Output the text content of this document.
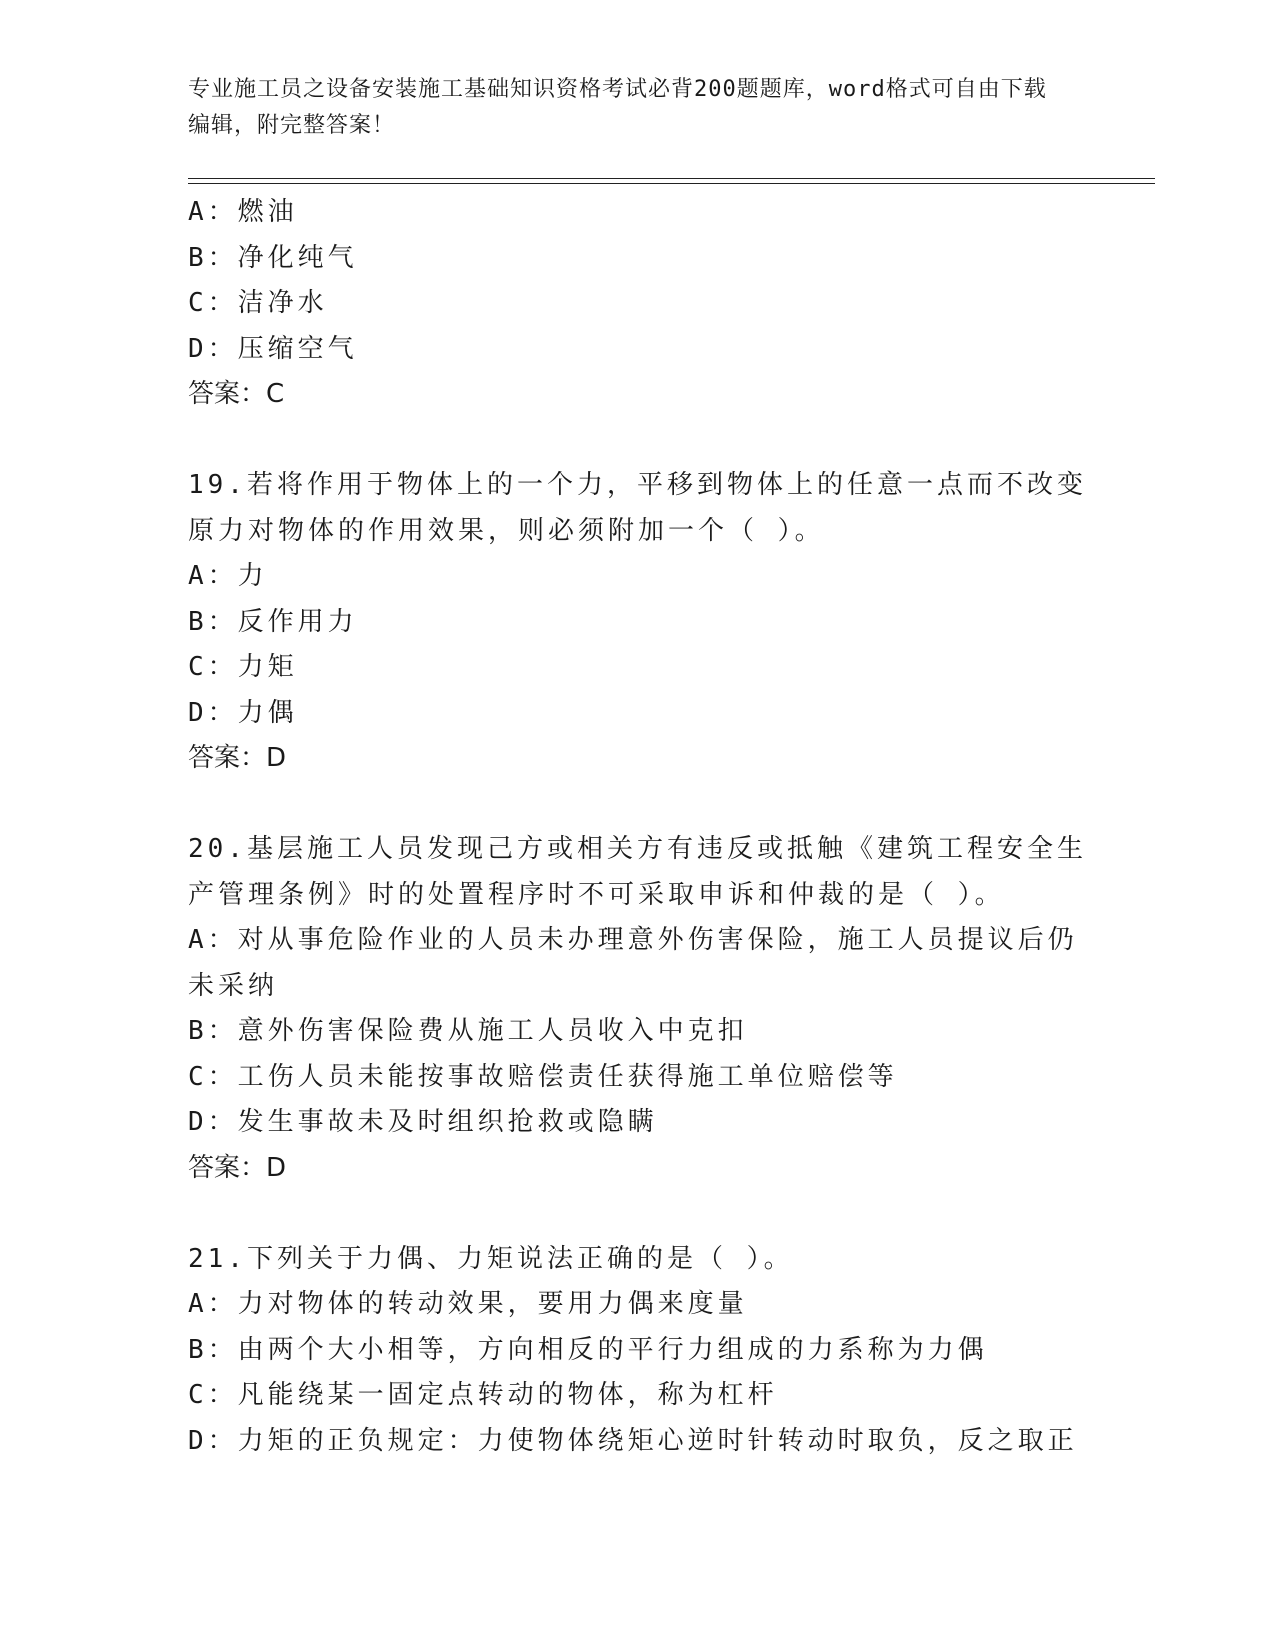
专业施工员之设备安装施工基础知识资格考试必背200题题库，word格式可自由下载编辑，附完整答案！
A：燃油
B：净化纯气
C：洁净水
D：压缩空气
答案：C
19.若将作用于物体上的一个力，平移到物体上的任意一点而不改变原力对物体的作用效果，则必须附加一个（ ）。
A：力
B：反作用力
C：力矩
D：力偶
答案：D
20.基层施工人员发现己方或相关方有违反或抵触《建筑工程安全生产管理条例》时的处置程序时不可采取申诉和仲裁的是（ ）。
A：对从事危险作业的人员未办理意外伤害保险，施工人员提议后仍未采纳
B：意外伤害保险费从施工人员收入中克扣
C：工伤人员未能按事故赔偿责任获得施工单位赔偿等
D：发生事故未及时组织抢救或隐瞒
答案：D
21.下列关于力偶、力矩说法正确的是（ ）。
A：力对物体的转动效果，要用力偶来度量
B：由两个大小相等，方向相反的平行力组成的力系称为力偶
C：凡能绕某一固定点转动的物体，称为杠杆
D：力矩的正负规定：力使物体绕矩心逆时针转动时取负，反之取正
